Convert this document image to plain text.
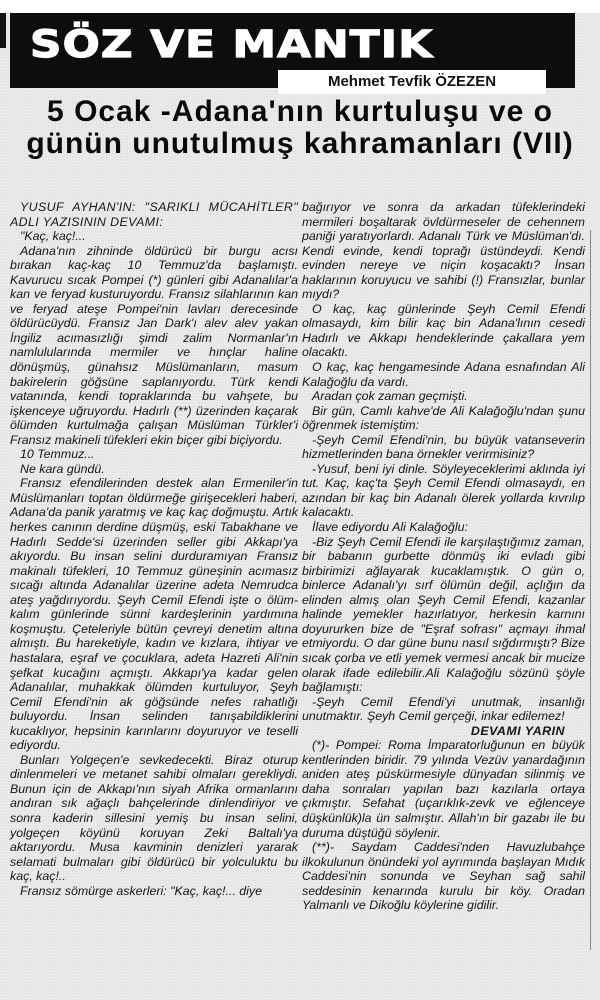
SÖZ VE MANTIK
Mehmet Tevfik ÖZEZEN
5 Ocak -Adana'nın kurtuluşu ve o günün unutulmuş kahramanları (VII)

YUSUF AYHAN'IN: "SARIKLI MÜCAHİTLER" ADLI YAZISININ DEVAMI:

"Kaç, kaç!...

Adana'nın zihninde öldürücü bir burgu acısı bırakan kaç-kaç 10 Temmuz'da başlamıştı. Kavurucu sıcak Pompei (*) günleri gibi Adanalılar'a kan ve feryad kusturuyordu. Fransız silahlarının kan ve feryad ateşe Pompei'nin lavları derecesinde öldürücüydü. Fransız Jan Dark'ı alev alev yakan İngiliz acımasızlığı şimdi zalim Normanlar'ın namlulularında mermiler ve hınçlar haline dönüşmüş, günahsız Müslümanların, masum bakirelerin göğsüne saplanıyordu. Türk kendi vatanında, kendi topraklarında bu vahşete, bu işkenceye uğruyordu. Hadırlı (**) üzerinden kaçarak ölümden kurtulmağa çalışan Müslüman Türkler'i Fransız makineli tüfekleri ekin biçer gibi biçiyordu.

10 Temmuz...

Ne kara gündü.

Fransız efendilerinden destek alan Ermeniler'in Müslümanları toptan öldürmeğe girişecekleri haberi, Adana'da panik yaratmış ve kaç kaç doğmuştu. Artık herkes canının derdine düşmüş, eski Tabakhane ve Hadırlı Sedde'si üzerinden seller gibi Akkapı'ya akıyordu. Bu insan selini durduramıyan Fransız makinalı tüfekleri, 10 Temmuz güneşinin acımasız sıcağı altında Adanalılar üzerine adeta Nemrudca ateş yağdırıyordu. Şeyh Cemil Efendi işte o ölüm-kalım günlerinde sünni kardeşlerinin yardımına koşmuştu. Çeteleriyle bütün çevreyi denetim altına almıştı. Bu hareketiyle, kadın ve kızlara, ihtiyar ve hastalara, eşraf ve çocuklara, adeta Hazreti Ali'nin şefkat kucağını açmıştı. Akkapı'ya kadar gelen Adanalılar, muhakkak ölümden kurtuluyor, Şeyh Cemil Efendi'nin ak göğsünde nefes rahatlığı buluyordu. İnsan selinden tanışabildiklerini kucaklıyor, hepsinin karınlarını doyuruyor ve teselli ediyordu.

Bunları Yolgeçen'e sevkedecekti. Biraz oturup dinlenmeleri ve metanet sahibi olmaları gerekliydi. Bunun için de Akkapı'nın siyah Afrika ormanlarını andıran sık ağaçlı bahçelerinde dinlendiriyor ve sonra kaderin sillesini yemiş bu insan selini, yolgeçen köyünü koruyan Zeki Baltalı'ya aktarıyordu. Musa kavminin denizleri yararak selamati bulmaları gibi öldürücü bir yolculuktu bu kaç, kaç!..

Fransız sömürge askerleri: "Kaç, kaç!... diye

bağırıyor ve sonra da arkadan tüfeklerindeki mermileri boşaltarak övldürmeseler de cehennem paniği yaratıyorlardı. Adanalı Türk ve Müslüman'dı. Kendi evinde, kendi toprağı üstündeydi. Kendi evinden nereye ve niçin koşacaktı? İnsan haklarının koruyucu ve sahibi (!) Fransızlar, bunlar mıydı?

O kaç, kaç günlerinde Şeyh Cemil Efendi olmasaydı, kim bilir kaç bin Adana'lının cesedi Hadırlı ve Akkapı hendeklerinde çakallara yem olacaktı.

O kaç, kaç hengamesinde Adana esnafından Ali Kalağoğlu da vardı.

Aradan çok zaman geçmişti.

Bir gün, Camlı kahve'de Ali Kalağoğlu'ndan şunu öğrenmek istemiştim:

-Şeyh Cemil Efendi'nin, bu büyük vatanseverin hizmetlerinden bana örnekler verirmisiniz?

-Yusuf, beni iyi dinle. Söyleyeceklerimi aklında iyi tut. Kaç, kaç'ta Şeyh Cemil Efendi olmasaydı, en azından bir kaç bin Adanalı ölerek yollarda kıvrılıp kalacaktı.

İlave ediyordu Ali Kalağoğlu:

-Biz Şeyh Cemil Efendi ile karşılaştığımız zaman, bir babanın gurbette dönmüş iki evladı gibi birbirimizi ağlayarak kucaklamıştık. O gün o, binlerce Adanalı'yı sırf ölümün değil, açlığın da elinden almış olan Şeyh Cemil Efendi, kazanlar halinde yemekler hazırlatıyor, herkesin karnını doyururken bize de "Eşraf sofrası" açmayı ihmal etmiyordu. O dar güne bunu nasıl sığdırmıştı? Bize sıcak çorba ve etli yemek vermesi ancak bir mucize olarak ifade edilebilir.Ali Kalağoğlu sözünü şöyle bağlamıştı:

-Şeyh Cemil Efendi'yi unutmak, insanlığı unutmaktır. Şeyh Cemil gerçeği, inkar edilemez!

DEVAMI YARIN

(*)- Pompei: Roma İmparatorluğunun en büyük kentlerinden biridir. 79 yılında Vezüv yanardağının aniden ateş püskürmesiyle dünyadan silinmiş ve daha sonraları yapılan bazı kazılarla ortaya çıkmıştır. Sefahat (uçarıklık-zevk ve eğlenceye düşkünlük)la ün salmıştır. Allah'ın bir gazabı ile bu duruma düştüğü söylenir.

(**)- Saydam Caddesi'nden Havuzlubahçe ilkokulunun önündeki yol ayrımında başlayan Mıdık Caddesi'nin sonunda ve Seyhan sağ sahil seddesinin kenarında kurulu bir köy. Oradan Yalmanlı ve Dikoğlu köylerine gidilir.
